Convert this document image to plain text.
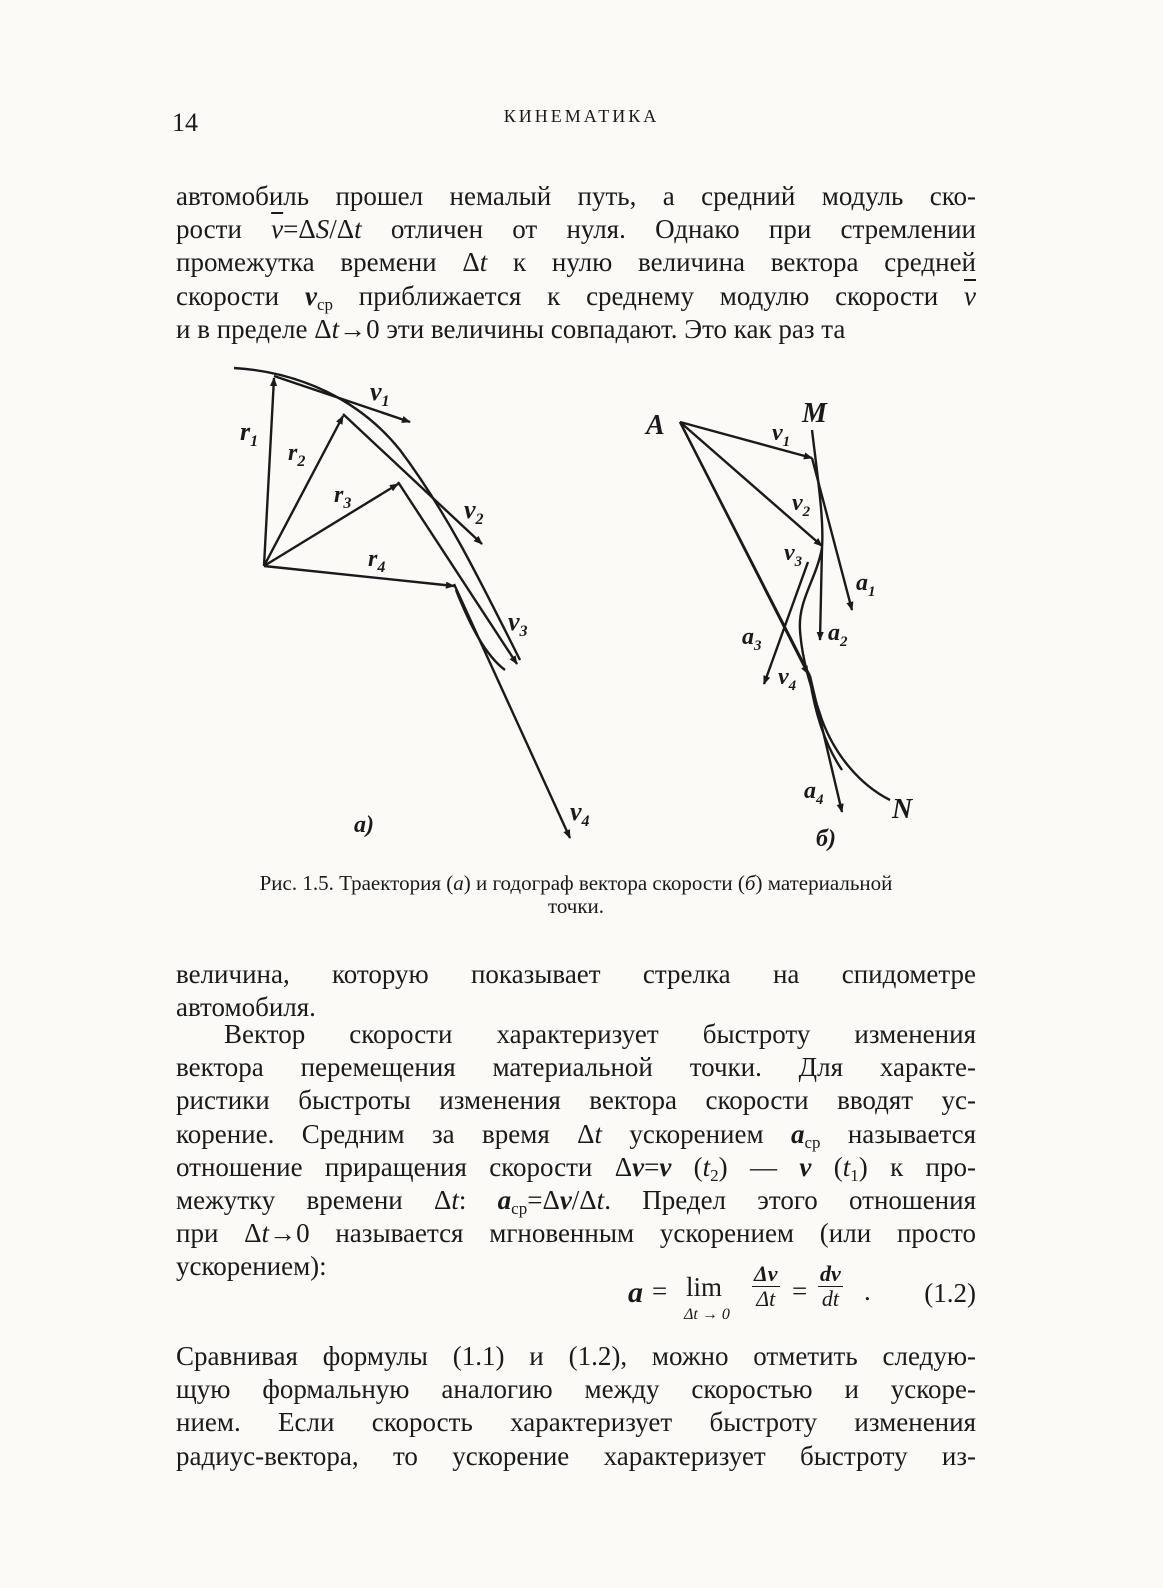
14	КИНЕМАТИКА

автомобиль прошел немалый путь, а средний модуль ско-

рости $\overline{v}=\Delta S/\Delta t$ отличен от нуля. Однако при стремлении

промежутка времени Δt к нулю величина вектора средней

скорости $v_{ср}$ приближается к среднему модулю скорости $\overline{v}$

и в пределе Δt→0 эти величины совпадают. Это как раз та

$r_1$ $r_2$
$r_3$
$r_4$
$v_1$
$v_2$
$v_3$
$v_4$
a)
A	M
N
$v_1$
$v_2$
$v_3$
$v_4$
$a_1$
$a_2$
$a_3$
$a_4$
б)
Рис. 1.5. Траектория (а) и годограф вектора скорости (б) материальной
точки.

величина, которую показывает стрелка на спидометре

автомобиля.

Вектор скорости характеризует быстроту изменения

вектора перемещения материальной точки. Для характе-

ристики быстроты изменения вектора скорости вводят ус-

корение. Средним за время Δt ускорением $a_{ср}$ называется

отношение приращения скорости Δv=v $(t_2)$ — v $(t_1)$ к про-

межутку времени Δt: $a_{ср}=\Delta v/\Delta t$. Предел этого отношения

при Δt→0 называется мгновенным ускорением (или просто

ускорением):

a = lim
Δt → 0
$\frac{\Delta v}{\Delta t} = \frac{dv}{dt}$ . (1.2)

Сравнивая формулы (1.1) и (1.2), можно отметить следую-

щую формальную аналогию между скоростью и ускоре-

нием. Если скорость характеризует быстроту изменения

радиус-вектора, то ускорение характеризует быстроту из-
